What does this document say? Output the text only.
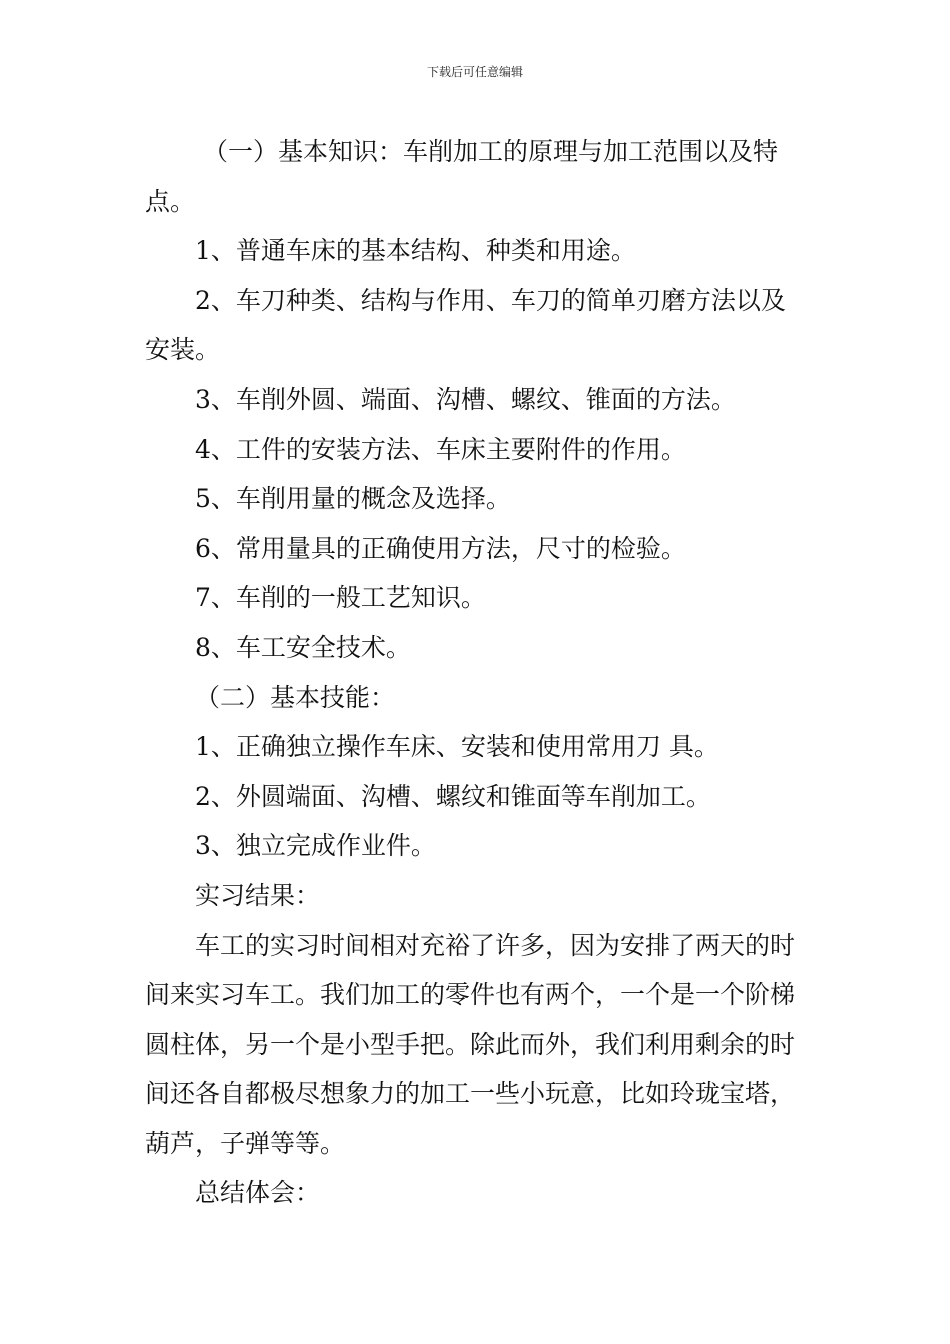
下载后可任意编辑

（一）基本知识：车削加工的原理与加工范围以及特点。

1、普通车床的基本结构、种类和用途。

2、车刀种类、结构与作用、车刀的简单刃磨方法以及安装。

3、车削外圆、端面、沟槽、螺纹、锥面的方法。

4、工件的安装方法、车床主要附件的作用。

5、车削用量的概念及选择。

6、常用量具的正确使用方法，尺寸的检验。

7、车削的一般工艺知识。

8、车工安全技术。

（二）基本技能：

1、正确独立操作车床、安装和使用常用刀 具。

2、外圆端面、沟槽、螺纹和锥面等车削加工。

3、独立完成作业件。

实习结果：

车工的实习时间相对充裕了许多，因为安排了两天的时间来实习车工。我们加工的零件也有两个，一个是一个阶梯圆柱体，另一个是小型手把。除此而外，我们利用剩余的时间还各自都极尽想象力的加工一些小玩意，比如玲珑宝塔，葫芦，子弹等等。

总结体会：
